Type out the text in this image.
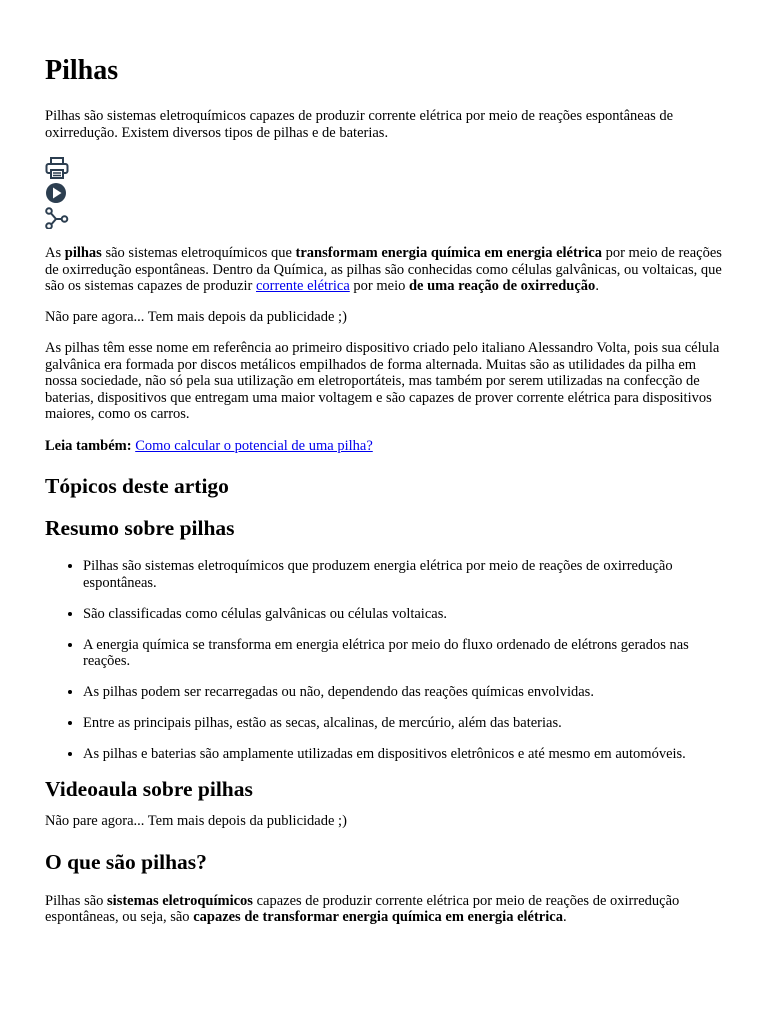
Pilhas

Pilhas são sistemas eletroquímicos capazes de produzir corrente elétrica por meio de reações espontâneas de oxirredução. Existem diversos tipos de pilhas e de baterias.

As pilhas são sistemas eletroquímicos que transformam energia química em energia elétrica por meio de reações de oxirredução espontâneas. Dentro da Química, as pilhas são conhecidas como células galvânicas, ou voltaicas, que são os sistemas capazes de produzir corrente elétrica por meio de uma reação de oxirredução.

Não pare agora... Tem mais depois da publicidade ;)

As pilhas têm esse nome em referência ao primeiro dispositivo criado pelo italiano Alessandro Volta, pois sua célula galvânica era formada por discos metálicos empilhados de forma alternada. Muitas são as utilidades da pilha em nossa sociedade, não só pela sua utilização em eletroportáteis, mas também por serem utilizadas na confecção de baterias, dispositivos que entregam uma maior voltagem e são capazes de prover corrente elétrica para dispositivos maiores, como os carros.

Leia também: Como calcular o potencial de uma pilha?

Tópicos deste artigo
Resumo sobre pilhas
• Pilhas são sistemas eletroquímicos que produzem energia elétrica por meio de reações de oxirredução espontâneas.
• São classificadas como células galvânicas ou células voltaicas.
• A energia química se transforma em energia elétrica por meio do fluxo ordenado de elétrons gerados nas reações.
• As pilhas podem ser recarregadas ou não, dependendo das reações químicas envolvidas.
• Entre as principais pilhas, estão as secas, alcalinas, de mercúrio, além das baterias.
• As pilhas e baterias são amplamente utilizadas em dispositivos eletrônicos e até mesmo em automóveis.
Videoaula sobre pilhas

Não pare agora... Tem mais depois da publicidade ;)

O que são pilhas?

Pilhas são sistemas eletroquímicos capazes de produzir corrente elétrica por meio de reações de oxirredução espontâneas, ou seja, são capazes de transformar energia química em energia elétrica.
